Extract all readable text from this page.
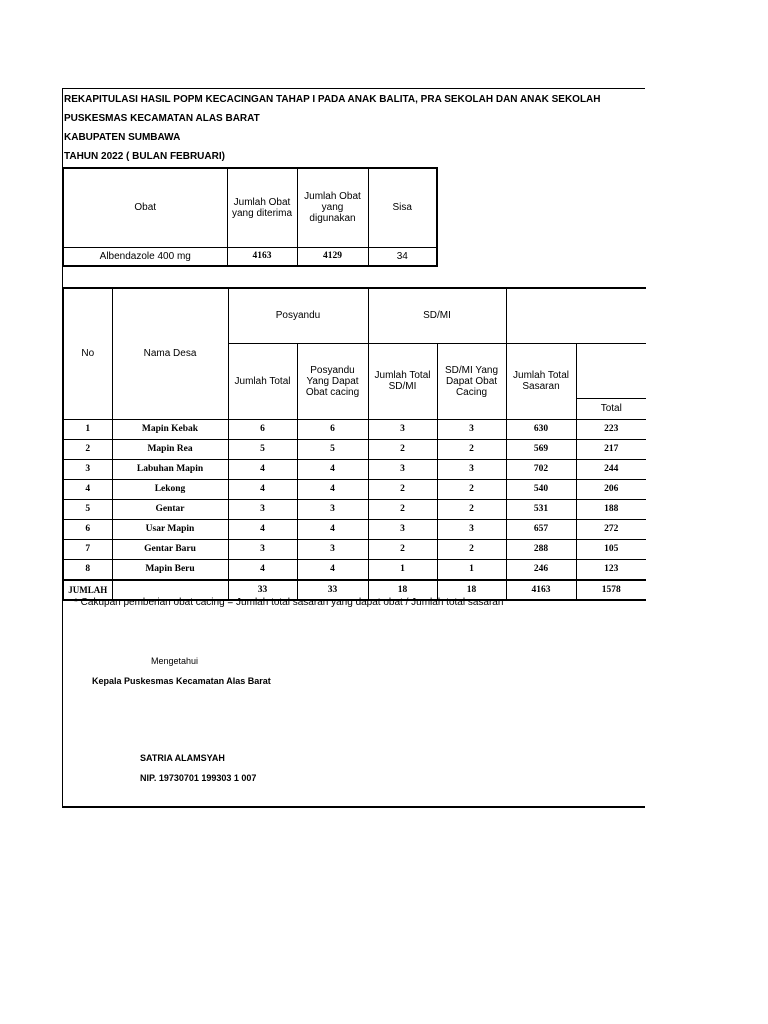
REKAPITULASI HASIL POPM KECACINGAN TAHAP I PADA ANAK BALITA, PRA SEKOLAH DAN ANAK SEKOLAH
PUSKESMAS KECAMATAN ALAS BARAT
KABUPATEN SUMBAWA
TAHUN 2022 ( BULAN FEBRUARI)
Obat	Jumlah Obat yang diterima	Jumlah Obat yang digunakan	Sisa
Albendazole 400 mg	4163	4129	34
No	Nama Desa	Posyandu		SD/MI			
		Jumlah Total	Posyandu Yang Dapat Obat cacing	Jumlah Total SD/MI	SD/MI Yang Dapat Obat Cacing	Jumlah Total Sasaran	
							Total
1	Mapin Kebak	6	6	3	3	630	223
2	Mapin Rea	5	5	2	2	569	217
3	Labuhan Mapin	4	4	3	3	702	244
4	Lekong	4	4	2	2	540	206
5	Gentar	3	3	2	2	531	188
6	Usar Mapin	4	4	3	3	657	272
7	Gentar Baru	3	3	2	2	288	105
8	Mapin Beru	4	4	1	1	246	123
JUMLAH		33	33	18	18	4163	1578
* Cakupan pemberian obat cacing = Jumlah total sasaran yang dapat obat / Jumlah total sasaran
Mengetahui
Kepala Puskesmas Kecamatan Alas Barat
SATRIA ALAMSYAH
NIP. 19730701 199303 1 007
